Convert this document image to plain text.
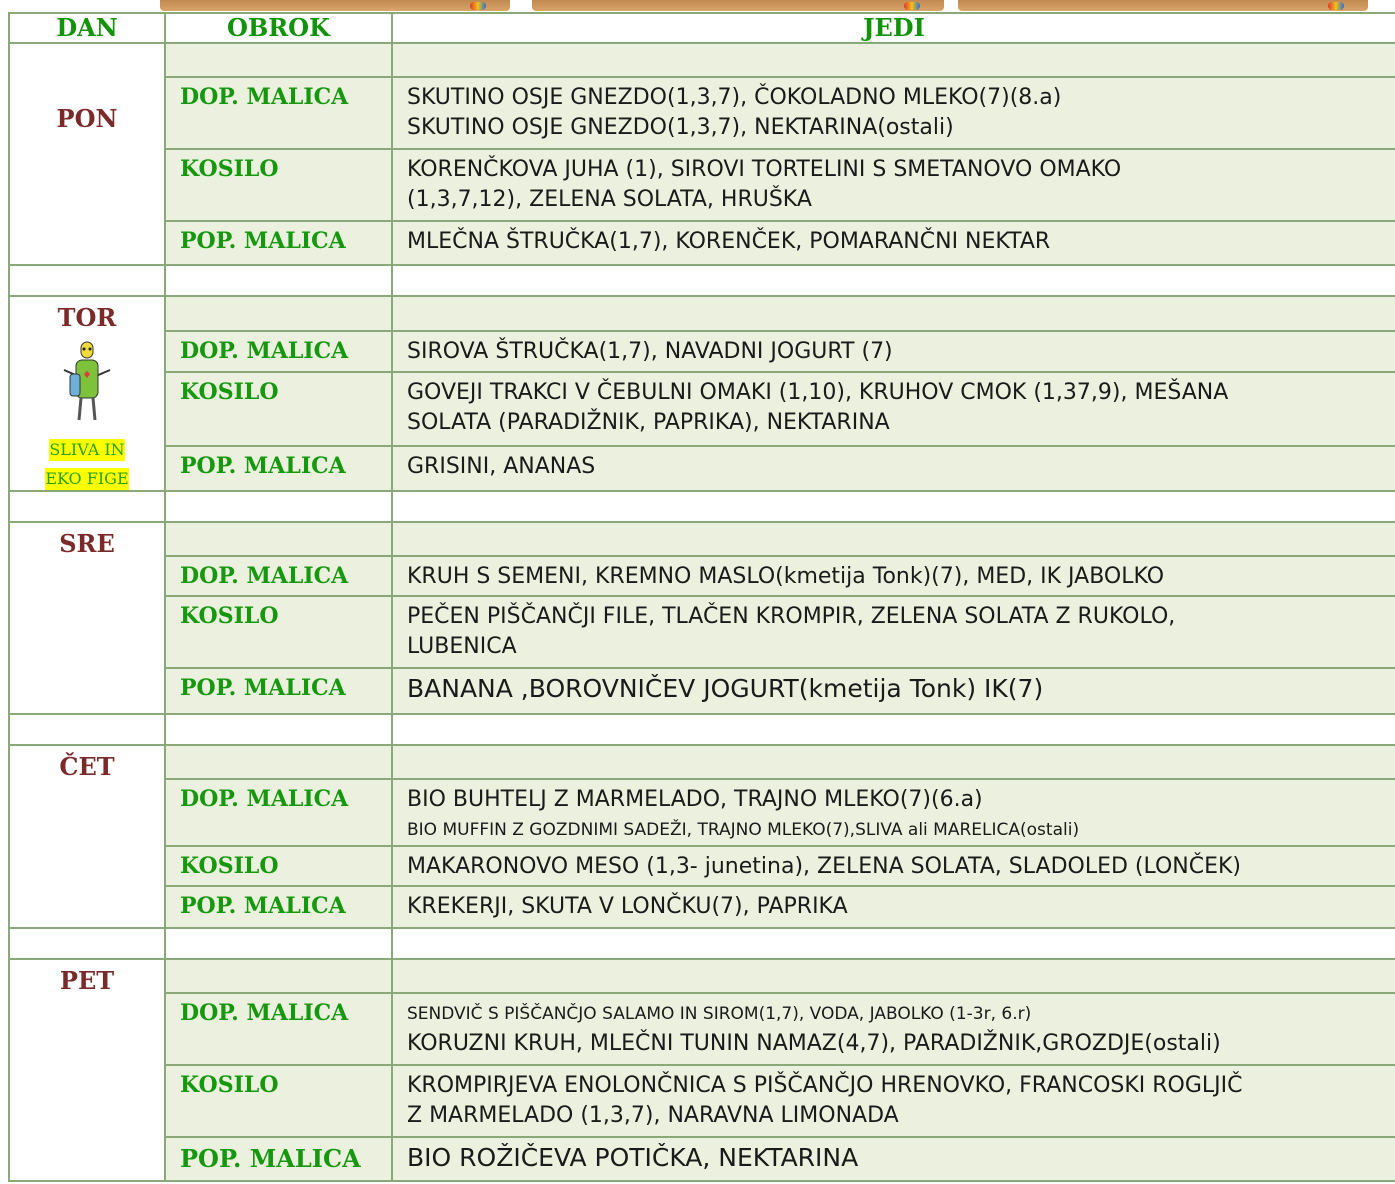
DAN	OBROK	JEDI
PON		
	DOP. MALICA	SKUTINO OSJE GNEZDO(1,3,7), ČOKOLADNO MLEKO(7)(8.a)
SKUTINO OSJE GNEZDO(1,3,7), NEKTARINA(ostali)

	KOSILO	KORENČKOVA JUHA (1), SIROVI TORTELINI S SMETANOVO OMAKO
(1,3,7,12), ZELENA SOLATA, HRUŠKA

	POP. MALICA	MLEČNA ŠTRUČKA(1,7), KORENČEK, POMARANČNI NEKTAR

TOR
SLIVA IN
EKO FIGE		

	DOP. MALICA	SIROVA ŠTRUČKA(1,7), NAVADNI JOGURT (7)

	KOSILO	GOVEJI TRAKCI V ČEBULNI OMAKI (1,10), KRUHOV CMOK (1,37,9), MEŠANA
SOLATA (PARADIŽNIK, PAPRIKA), NEKTARINA

	POP. MALICA	GRISINI, ANANAS

SRE		
	DOP. MALICA	KRUH S SEMENI, KREMNO MASLO(kmetija Tonk)(7), MED, IK JABOLKO

	KOSILO	PEČEN PIŠČANČJI FILE, TLAČEN KROMPIR, ZELENA SOLATA Z RUKOLO,
LUBENICA

	POP. MALICA	BANANA ,BOROVNIČEV JOGURT(kmetija Tonk) IK(7)

ČET		
	DOP. MALICA	BIO BUHTELJ Z MARMELADO, TRAJNO MLEKO(7)(6.a)
BIO MUFFIN Z GOZDNIMI SADEŽI, TRAJNO MLEKO(7),SLIVA ali MARELICA(ostali)

	KOSILO	MAKARONOVO MESO (1,3- junetina), ZELENA SOLATA, SLADOLED (LONČEK)

	POP. MALICA	KREKERJI, SKUTA V LONČKU(7), PAPRIKA

PET		
	DOP. MALICA	SENDVIČ S PIŠČANČJO SALAMO IN SIROM(1,7), VODA, JABOLKO (1-3r, 6.r)
KORUZNI KRUH, MLEČNI TUNIN NAMAZ(4,7), PARADIŽNIK,GROZDJE(ostali)

	KOSILO	KROMPIRJEVA ENOLONČNICA S PIŠČANČJO HRENOVKO, FRANCOSKI ROGLJIČ
Z MARMELADO (1,3,7), NARAVNA LIMONADA

	POP. MALICA	BIO ROŽIČEVA POTIČKA, NEKTARINA
